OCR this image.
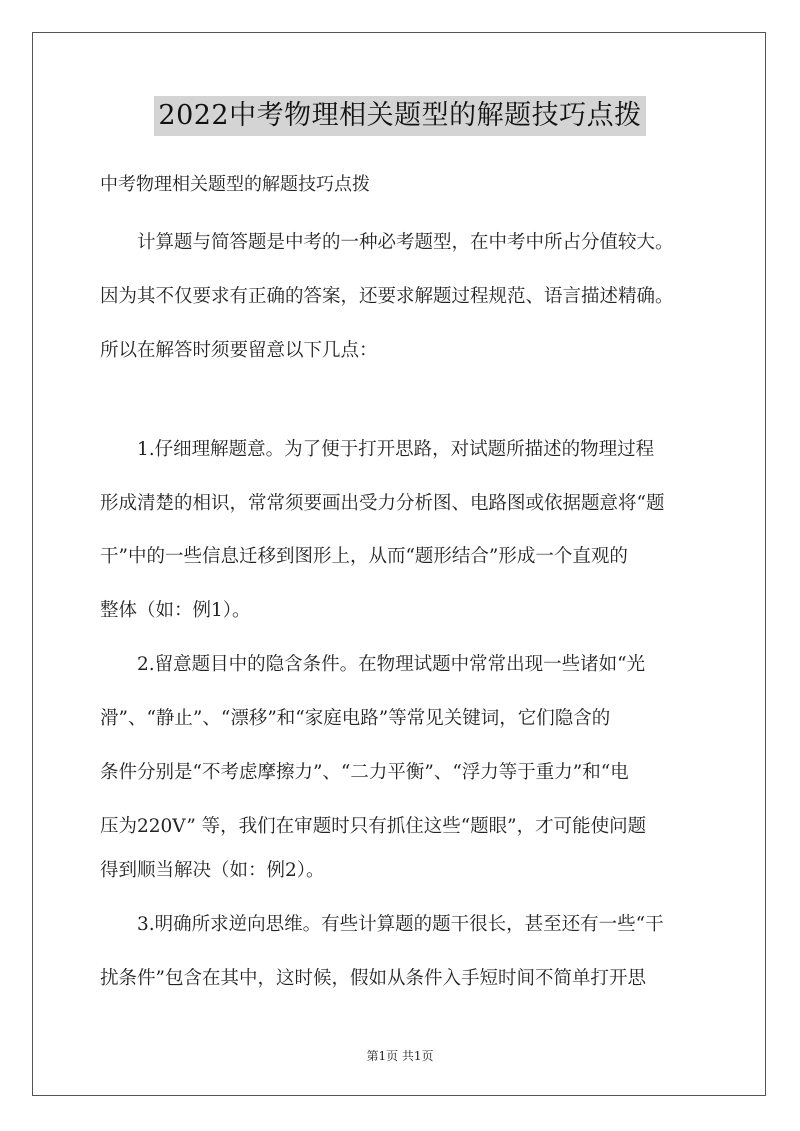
2022中考物理相关题型的解题技巧点拨
中考物理相关题型的解题技巧点拨
计算题与简答题是中考的一种必考题型，在中考中所占分值较大。
因为其不仅要求有正确的答案，还要求解题过程规范、语言描述精确。
所以在解答时须要留意以下几点：
1.仔细理解题意。为了便于打开思路，对试题所描述的物理过程
形成清楚的相识，常常须要画出受力分析图、电路图或依据题意将“题
干”中的一些信息迁移到图形上，从而“题形结合”形成一个直观的
整体（如：例1）。
2.留意题目中的隐含条件。在物理试题中常常出现一些诸如“光
滑”、“静止”、“漂移”和“家庭电路”等常见关键词，它们隐含的
条件分别是“不考虑摩擦力”、“二力平衡”、“浮力等于重力”和“电
压为220V” 等，我们在审题时只有抓住这些“题眼”，才可能使问题
得到顺当解决（如：例2）。
3.明确所求逆向思维。有些计算题的题干很长，甚至还有一些“干
扰条件”包含在其中，这时候，假如从条件入手短时间不简单打开思
第1页 共1页
